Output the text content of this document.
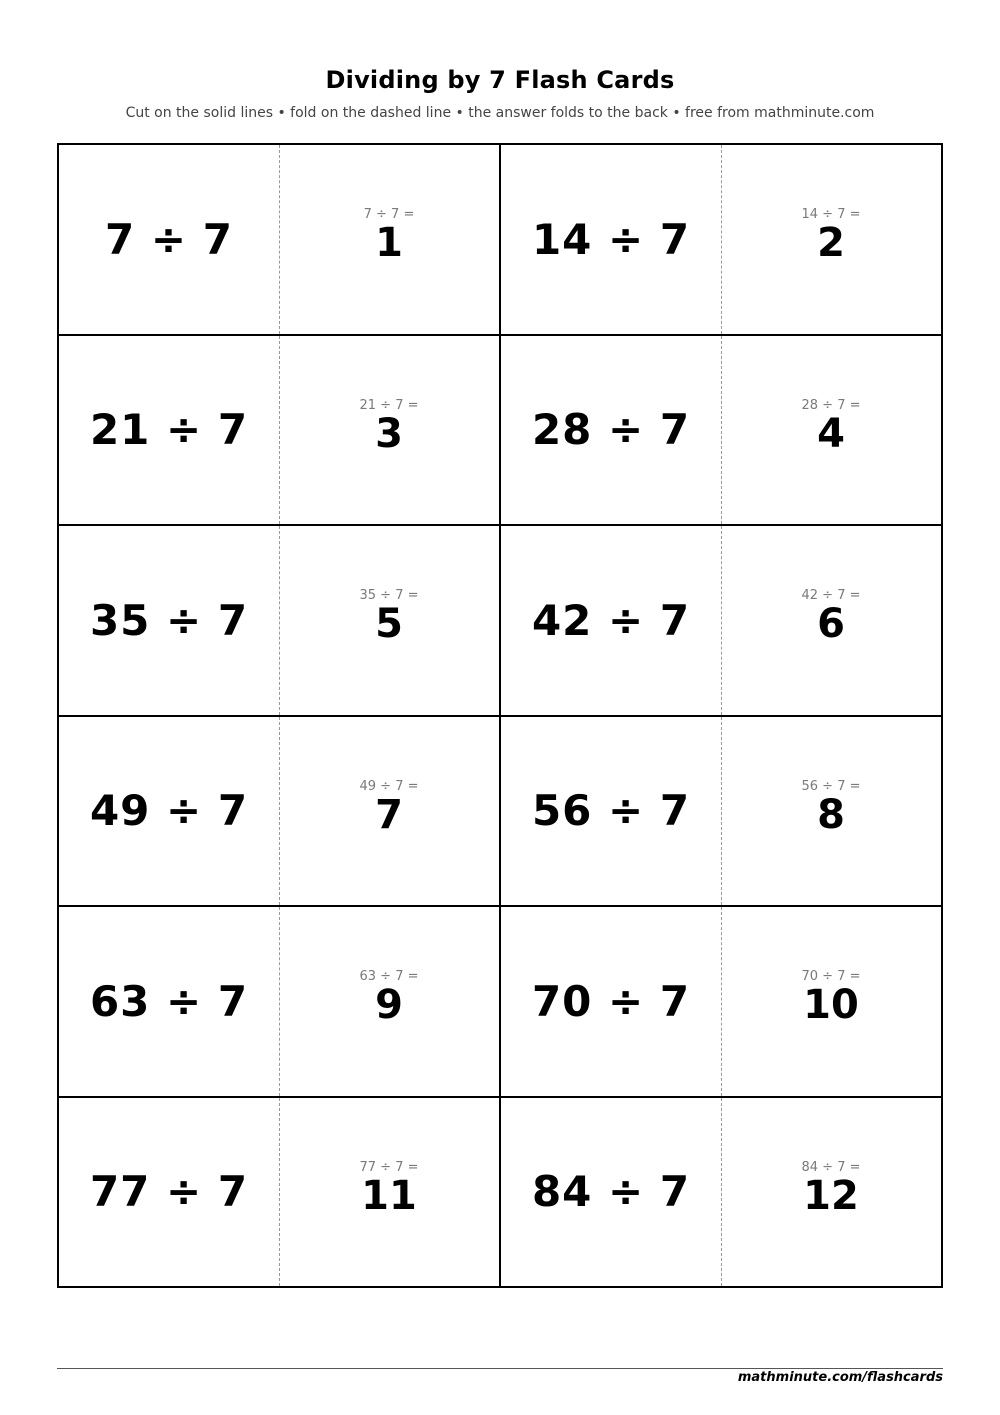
Dividing by 7 Flash Cards
Cut on the solid lines • fold on the dashed line • the answer folds to the back • free from mathminute.com
7 ÷ 7	7 ÷ 7 =
1	14 ÷ 7	14 ÷ 7 =
2
21 ÷ 7	21 ÷ 7 =
3	28 ÷ 7	28 ÷ 7 =
4
35 ÷ 7	35 ÷ 7 =
5	42 ÷ 7	42 ÷ 7 =
6
49 ÷ 7	49 ÷ 7 =
7	56 ÷ 7	56 ÷ 7 =
8
63 ÷ 7	63 ÷ 7 =
9	70 ÷ 7	70 ÷ 7 =
10
77 ÷ 7	77 ÷ 7 =
11	84 ÷ 7	84 ÷ 7 =
12
mathminute.com/flashcards
